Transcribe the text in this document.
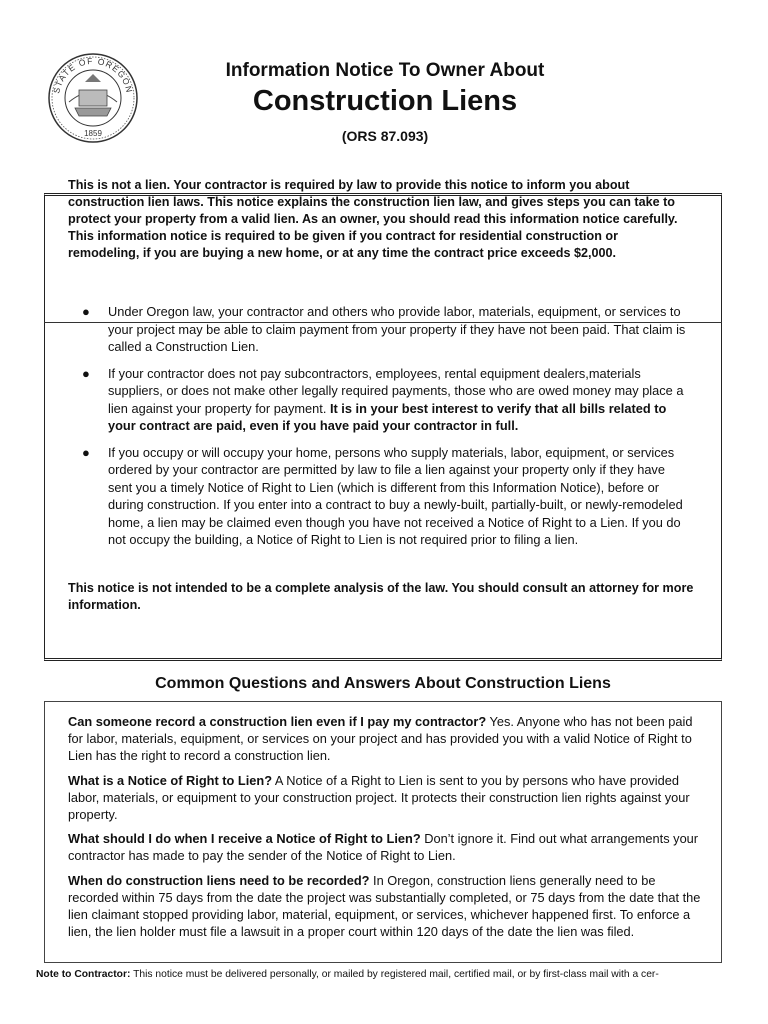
STATE OF OREGON
1859
Information Notice To Owner About
Construction Liens
(ORS 87.093)
This is not a lien. Your contractor is required by law to provide this notice to inform you about construction lien laws. This notice explains the construction lien law, and gives steps you can take to protect your property from a valid lien. As an owner, you should read this information notice carefully. This information notice is required to be given if you contract for residential construction or remodeling, if you are buying a new home, or at any time the contract price exceeds $2,000.
● Under Oregon law, your contractor and others who provide labor, materials, equipment, or services to your project may be able to claim payment from your property if they have not been paid. That claim is called a Construction Lien.
● If your contractor does not pay subcontractors, employees, rental equipment dealers,materials suppliers, or does not make other legally required payments, those who are owed money may place a lien against your property for payment. It is in your best interest to verify that all bills related to your contract are paid, even if you have paid your contractor in full.
● If you occupy or will occupy your home, persons who supply materials, labor, equipment, or services ordered by your contractor are permitted by law to file a lien against your property only if they have sent you a timely Notice of Right to Lien (which is different from this Information Notice), before or during construction. If you enter into a contract to buy a newly-built, partially-built, or newly-remodeled home, a lien may be claimed even though you have not received a Notice of Right to a Lien. If you do not occupy the building, a Notice of Right to Lien is not required prior to filing a lien.
This notice is not intended to be a complete analysis of the law. You should consult an attorney for more information.
Common Questions and Answers About Construction Liens

Can someone record a construction lien even if I pay my contractor? Yes. Anyone who has not been paid for labor, materials, equipment, or services on your project and has provided you with a valid Notice of Right to Lien has the right to record a construction lien.

What is a Notice of Right to Lien? A Notice of a Right to Lien is sent to you by persons who have provided labor, materials, or equipment to your construction project. It protects their construction lien rights against your property.

What should I do when I receive a Notice of Right to Lien? Don’t ignore it. Find out what arrangements your contractor has made to pay the sender of the Notice of Right to Lien.

When do construction liens need to be recorded? In Oregon, construction liens generally need to be recorded within 75 days from the date the project was substantially completed, or 75 days from the date that the lien claimant stopped providing labor, material, equipment, or services, whichever happened first. To enforce a lien, the lien holder must file a lawsuit in a proper court within 120 days of the date the lien was filed.

Note to Contractor: This notice must be delivered personally, or mailed by registered mail, certified mail, or by first-class mail with a cer-
